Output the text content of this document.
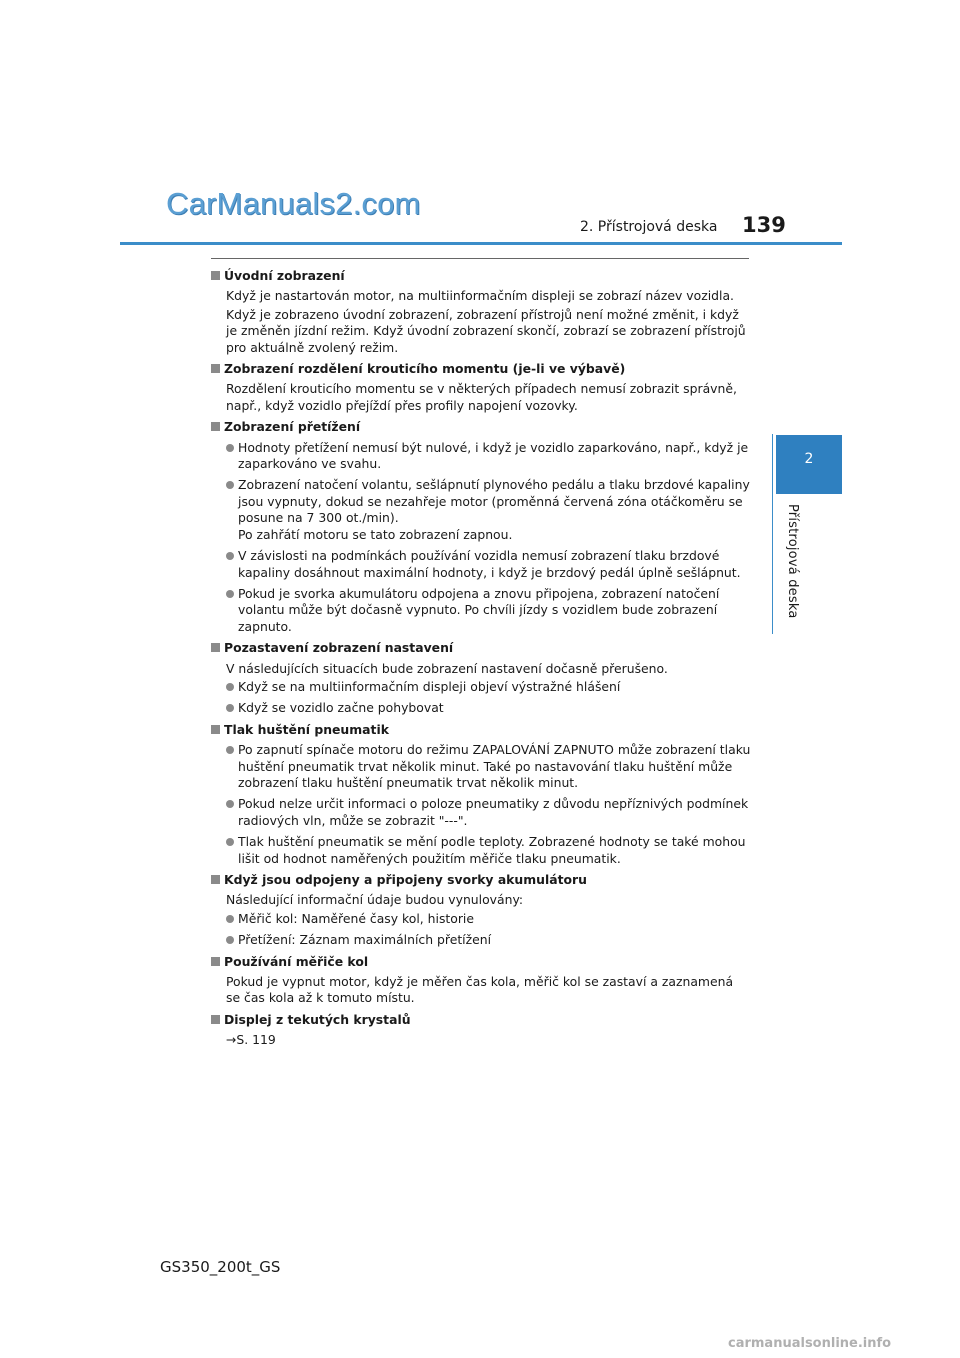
CarManuals2.com
2. Přístrojová deska 139
2
Přístrojová deska
Úvodní zobrazení
Když je nastartován motor, na multiinformačním displeji se zobrazí název vozidla.
Když je zobrazeno úvodní zobrazení, zobrazení přístrojů není možné změnit, i když je změněn jízdní režim. Když úvodní zobrazení skončí, zobrazí se zobrazení přístrojů pro aktuálně zvolený režim.
Zobrazení rozdělení krouticího momentu (je-li ve výbavě)
Rozdělení krouticího momentu se v některých případech nemusí zobrazit správně, např., když vozidlo přejíždí přes profily napojení vozovky.
Zobrazení přetížení
Hodnoty přetížení nemusí být nulové, i když je vozidlo zaparkováno, např., když je zaparkováno ve svahu.
Zobrazení natočení volantu, sešlápnutí plynového pedálu a tlaku brzdové kapaliny jsou vypnuty, dokud se nezahřeje motor (proměnná červená zóna otáčkoměru se posune na 7 300 ot./min).
Po zahřátí motoru se tato zobrazení zapnou.
V závislosti na podmínkách používání vozidla nemusí zobrazení tlaku brzdové kapaliny dosáhnout maximální hodnoty, i když je brzdový pedál úplně sešlápnut.
Pokud je svorka akumulátoru odpojena a znovu připojena, zobrazení natočení volantu může být dočasně vypnuto. Po chvíli jízdy s vozidlem bude zobrazení zapnuto.
Pozastavení zobrazení nastavení
V následujících situacích bude zobrazení nastavení dočasně přerušeno.
Když se na multiinformačním displeji objeví výstražné hlášení
Když se vozidlo začne pohybovat
Tlak huštění pneumatik
Po zapnutí spínače motoru do režimu ZAPALOVÁNÍ ZAPNUTO může zobrazení tlaku huštění pneumatik trvat několik minut. Také po nastavování tlaku huštění může zobrazení tlaku huštění pneumatik trvat několik minut.
Pokud nelze určit informaci o poloze pneumatiky z důvodu nepříznivých podmínek radiových vln, může se zobrazit "---".
Tlak huštění pneumatik se mění podle teploty. Zobrazené hodnoty se také mohou lišit od hodnot naměřených použitím měřiče tlaku pneumatik.
Když jsou odpojeny a připojeny svorky akumulátoru
Následující informační údaje budou vynulovány:
Měřič kol: Naměřené časy kol, historie
Přetížení: Záznam maximálních přetížení
Používání měřiče kol
Pokud je vypnut motor, když je měřen čas kola, měřič kol se zastaví a zaznamená se čas kola až k tomuto místu.
Displej z tekutých krystalů
→S. 119
GS350_200t_GS
carmanualsonline.info
